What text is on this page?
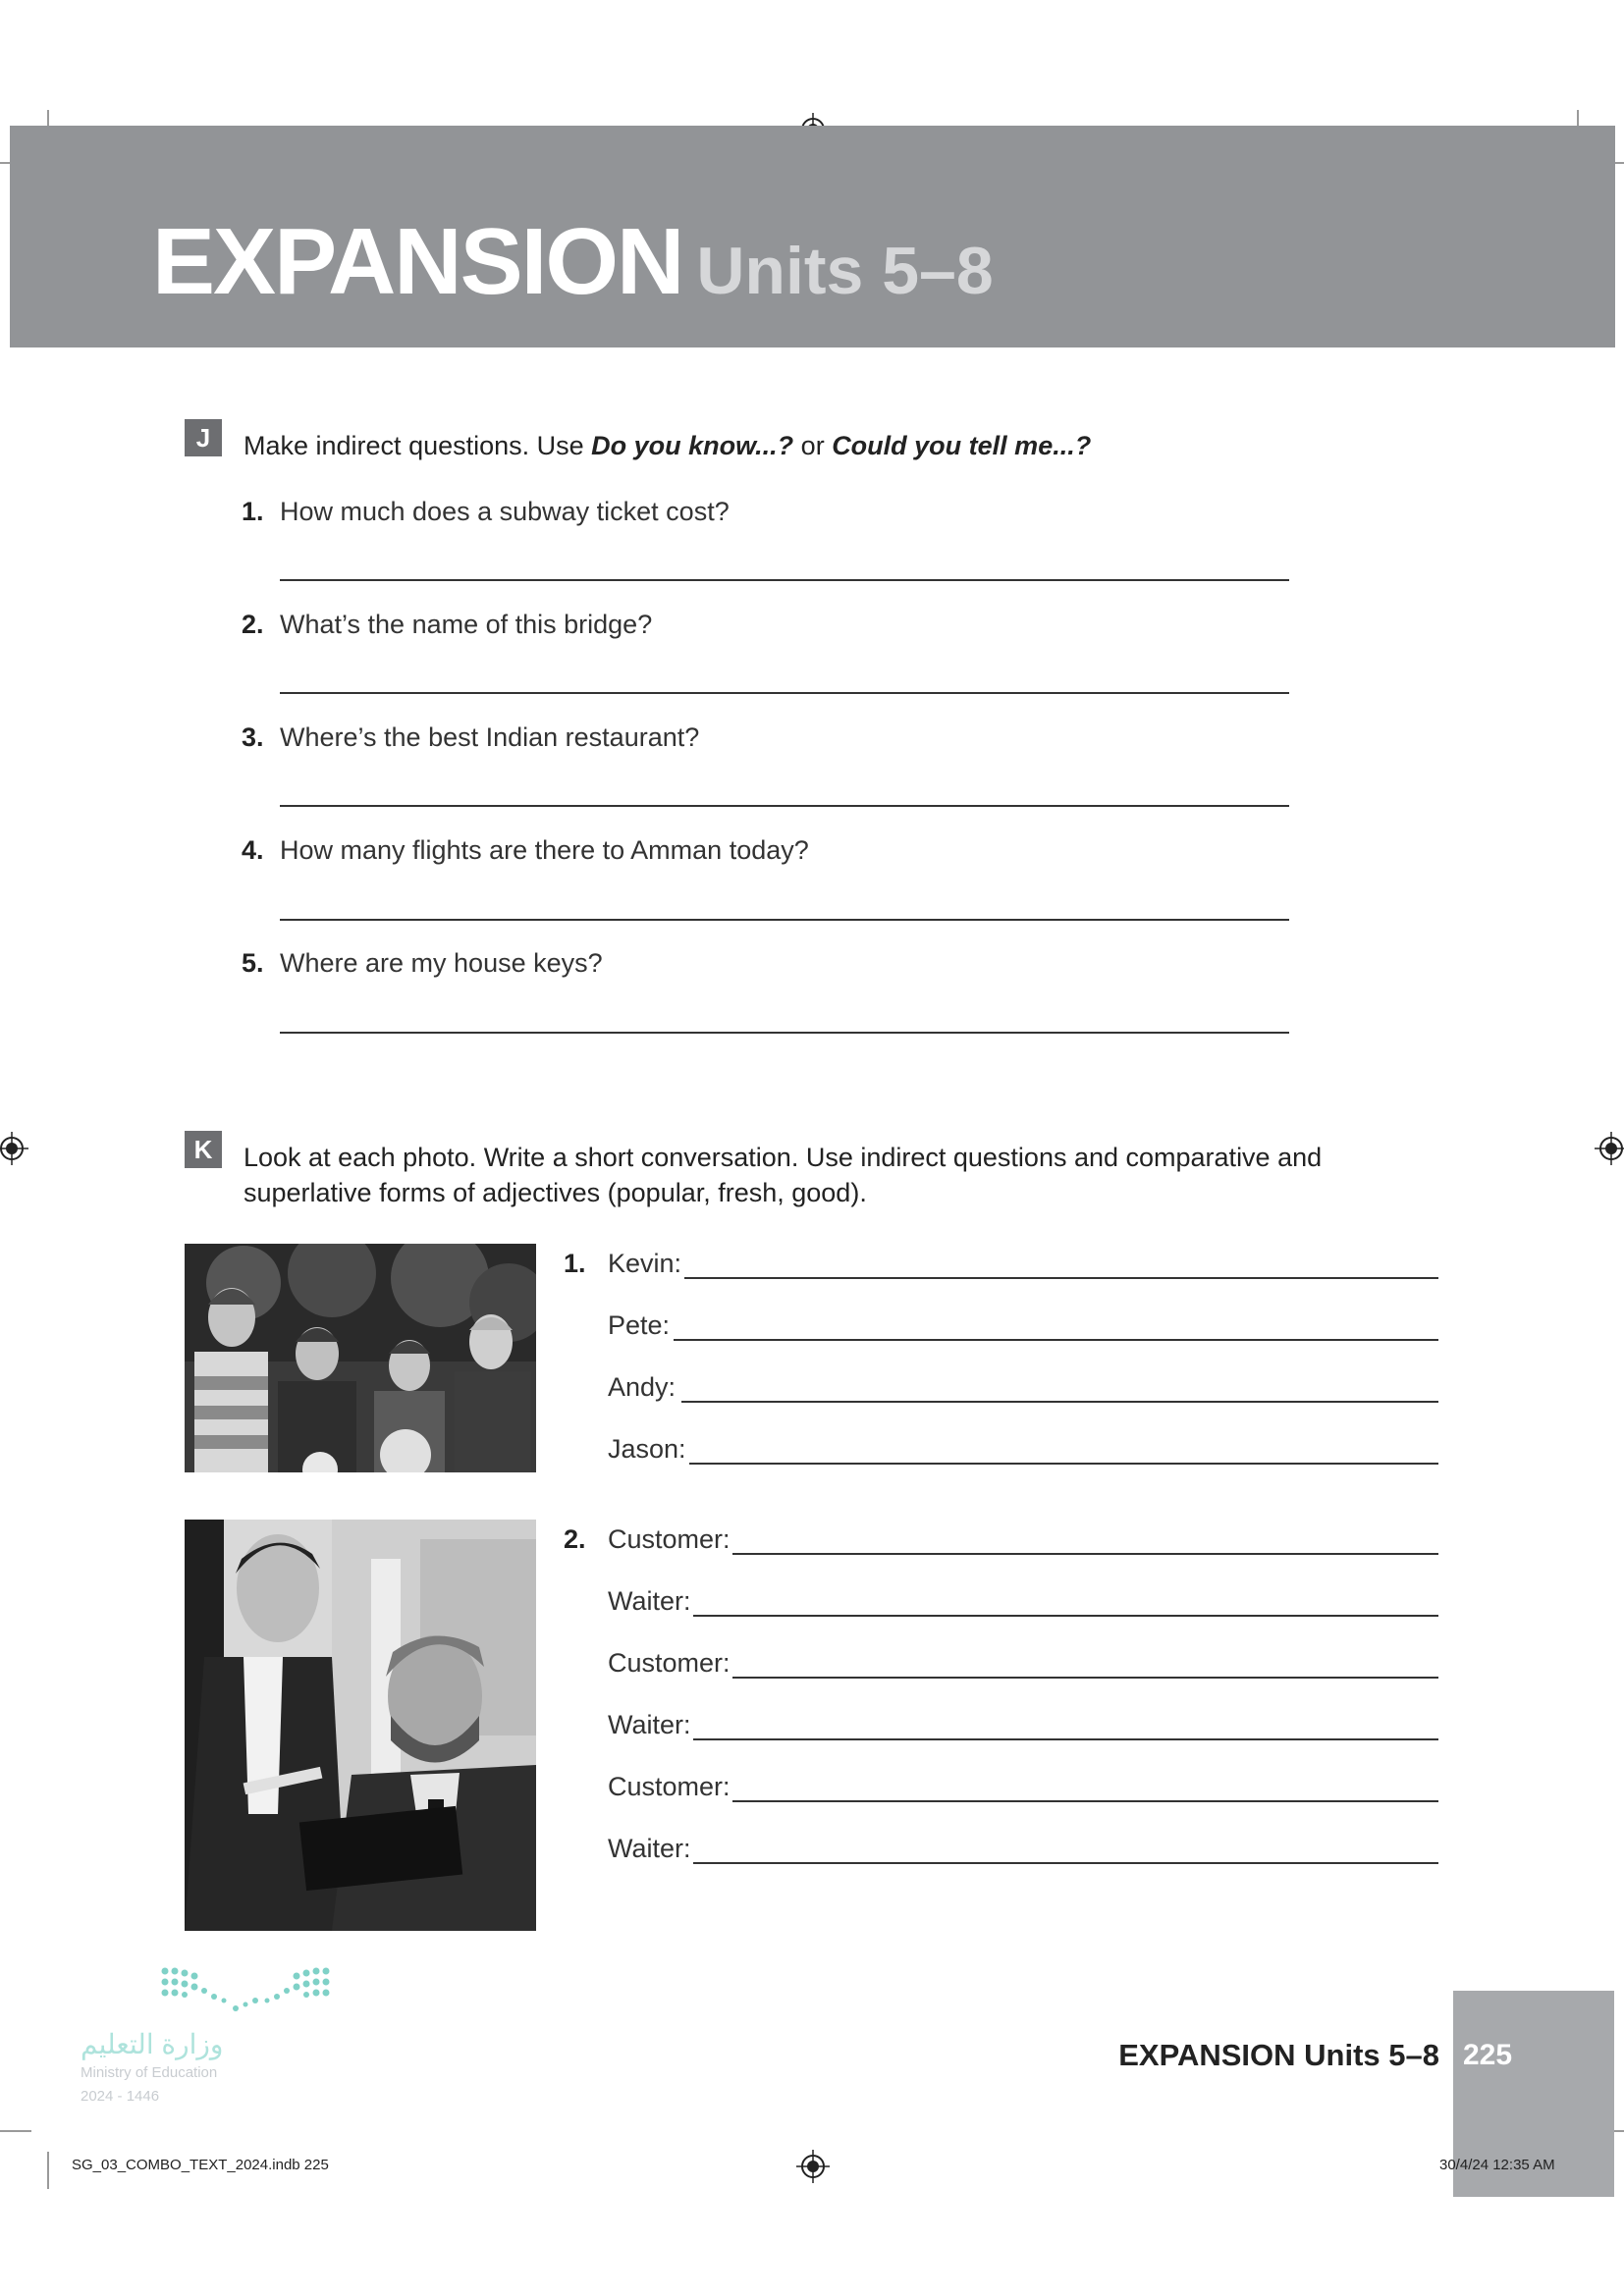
EXPANSION Units 5–8
J	Make indirect questions. Use Do you know...? or Could you tell me...?
1. How much does a subway ticket cost?
2. What’s the name of this bridge?
3. Where’s the best Indian restaurant?
4. How many flights are there to Amman today?
5. Where are my house keys?
K	Look at each photo. Write a short conversation. Use indirect questions and comparative and
superlative forms of adjectives (popular, fresh, good).
1. Kevin:
Pete:
Andy:
Jason:
2. Customer:
Waiter:
Customer:
Waiter:
Customer:
Waiter:
وزارة التعليم
Ministry of Education
2024 - 1446
225
EXPANSION Units 5–8
SG_03_COMBO_TEXT_2024.indb 225	30/4/24 12:35 AM
